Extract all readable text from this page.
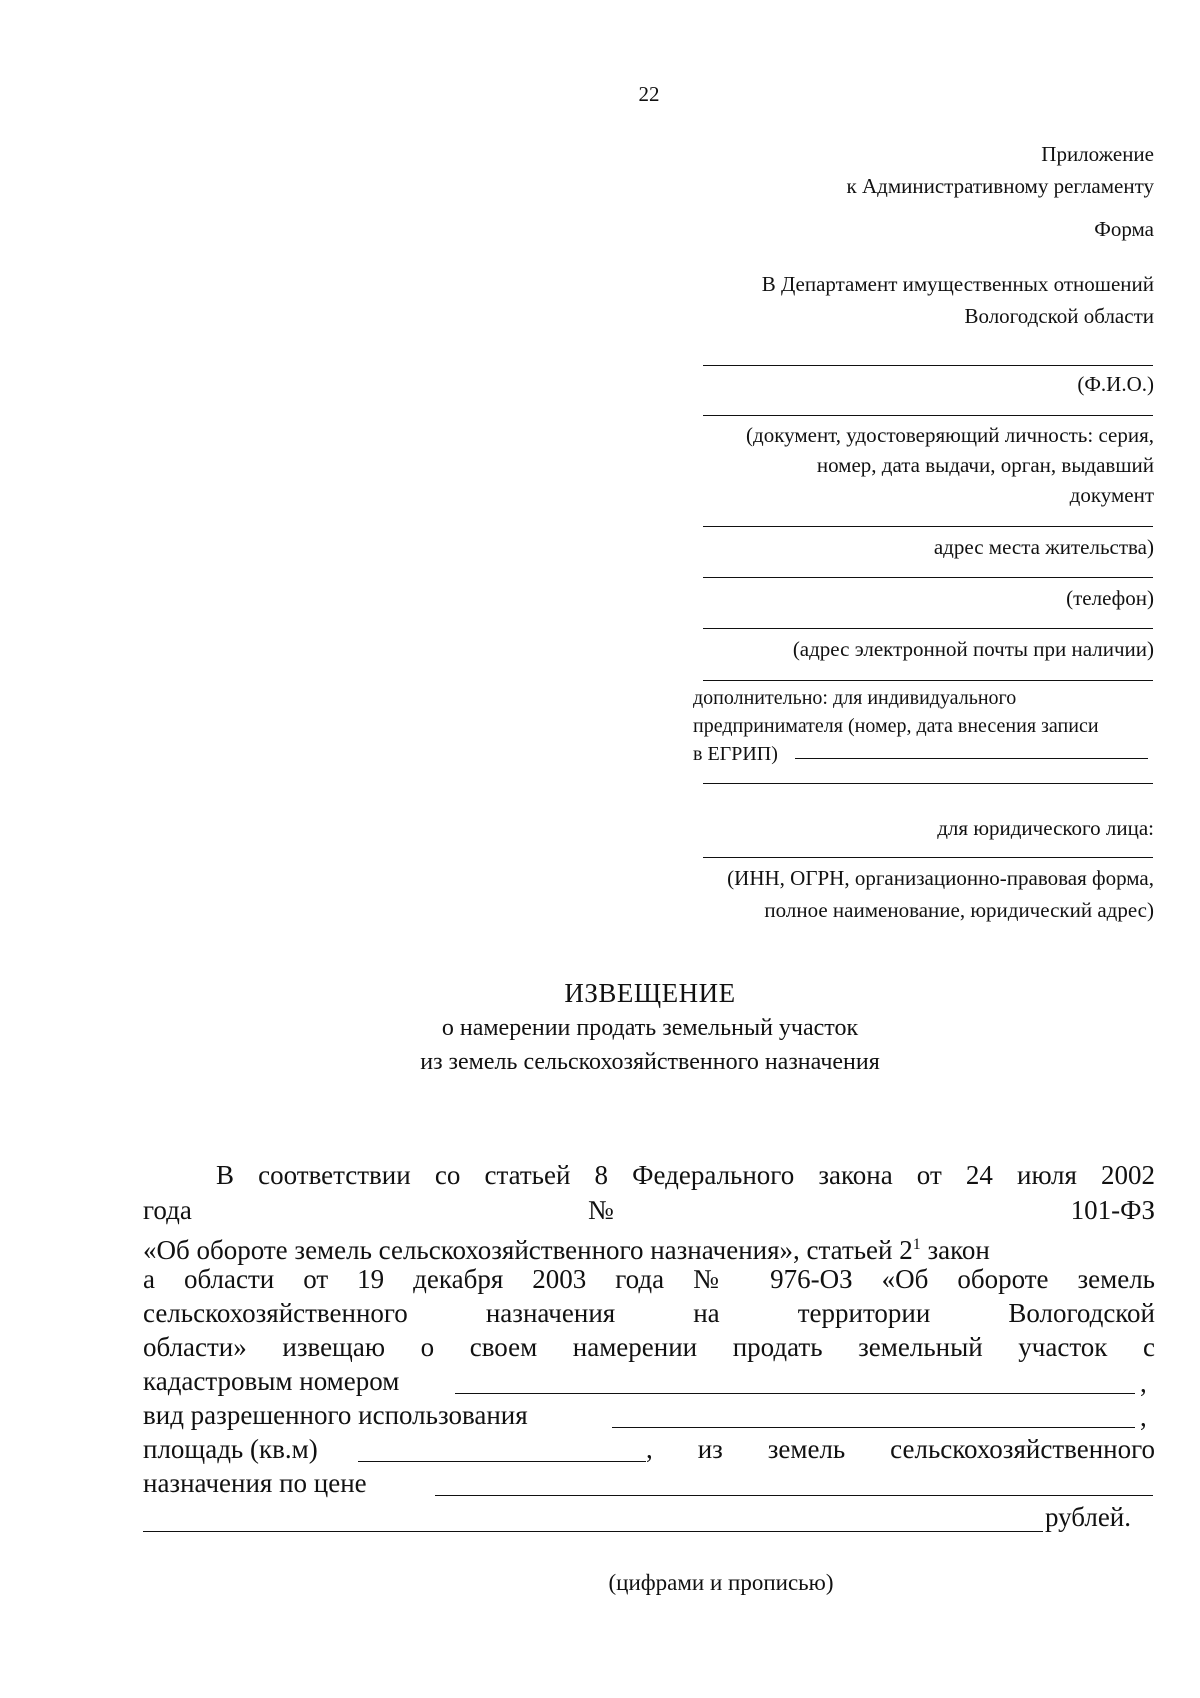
22
Приложение
к Административному регламенту
Форма
В Департамент имущественных отношений
Вологодской области
(Ф.И.О.)
(документ, удостоверяющий личность: серия,
номер, дата выдачи, орган, выдавший
документ
адрес места жительства)
(телефон)
(адрес электронной почты при наличии)
дополнительно: для индивидуального
предпринимателя (номер, дата внесения записи
в ЕГРИП)
для юридического лица:
(ИНН, ОГРН, организационно-правовая форма,
полное наименование, юридический адрес)
ИЗВЕЩЕНИЕ
о намерении продать земельный участок
из земель сельскохозяйственного назначения
В соответствии со статьей 8 Федерального закона от 24 июля 2002
года	№	101-ФЗ
«Об обороте земель сельскохозяйственного назначения», статьей $2^1$ закон
а области от 19 декабря 2003 года № 976-ОЗ «Об обороте земель
сельскохозяйственного назначения на территории Вологодской
области» извещаю о своем намерении продать земельный участок с
кадастровым номером	,
вид разрешенного использования	,
площадь (кв.м)	, из земель сельскохозяйственного
назначения по цене
рублей.
(цифрами и прописью)
